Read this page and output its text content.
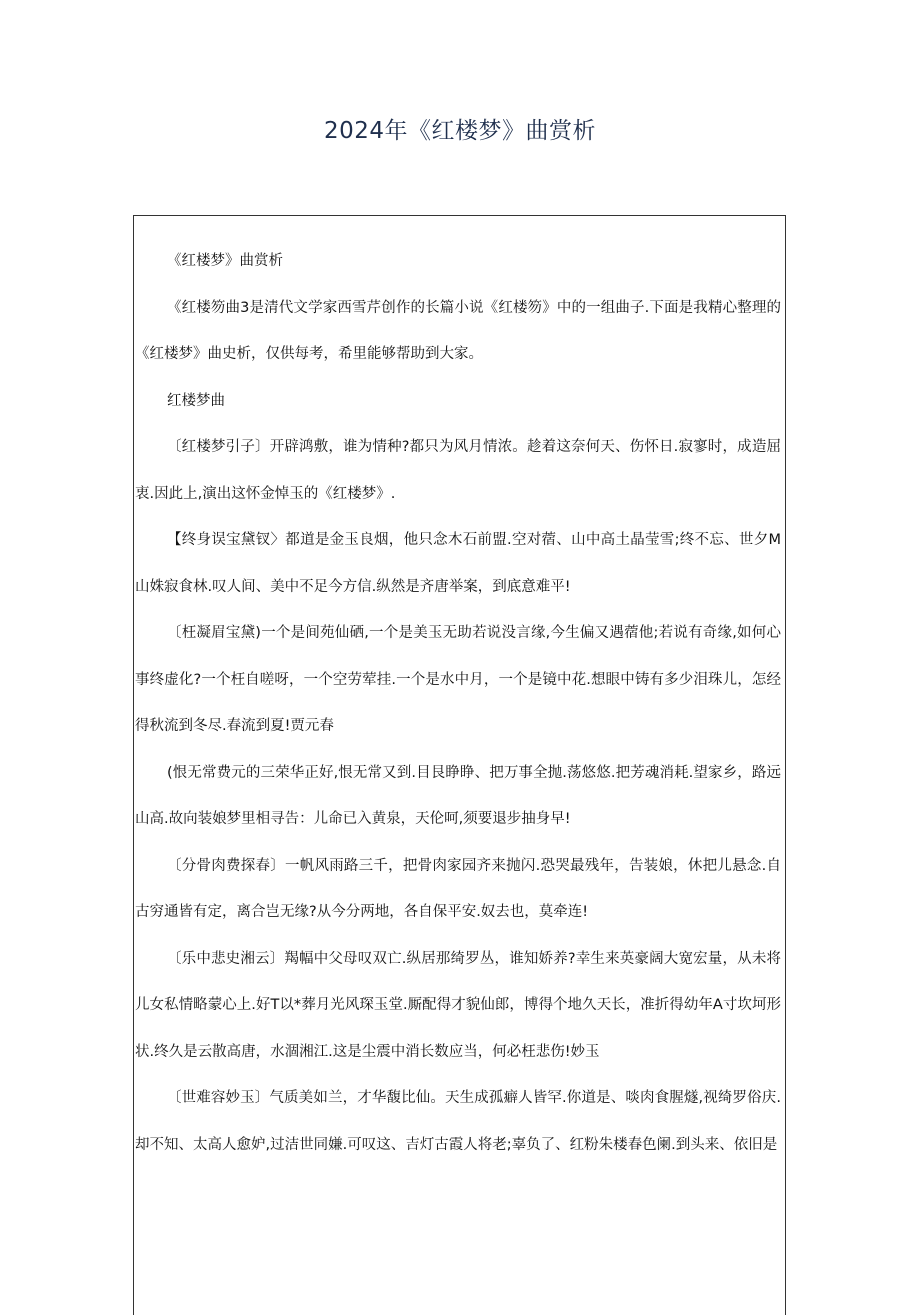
2024年《红楼梦》曲赏析

《红楼梦》曲赏析

《红楼笏曲3是清代文学家西雪芹创作的长篇小说《红楼笏》中的一组曲子.下面是我精心整理的《红楼梦》曲史析，仅供每考，希里能够帮助到大家。

红楼梦曲

〔红楼梦引子〕开辟鸿敷，谁为情种?都只为风月情浓。趁着这奈何天、伤怀日.寂寥时，成造屈衷.因此上,演出这怀金悼玉的《红楼梦》.

【终身误宝黛钗〉都道是金玉良烟，他只念木石前盟.空对蓿、山中高土晶莹雪;终不忘、世夕M山姝寂食林.叹人间、美中不足今方信.纵然是齐唐举案，到底意难平!

〔枉凝眉宝黛)一个是间苑仙硒,一个是美玉无助若说没言缘,今生偏又遇蓿他;若说有奇缘,如何心事终虚化?一个枉自嗟呀，一个空劳荤挂.一个是水中月，一个是镜中花.想眼中铸有多少泪珠儿，怎经得秋流到冬尽.春流到夏!贾元春

(恨无常费元的三荣华正好,恨无常又到.目艮睁睁、把万事全抛.荡悠悠.把芳魂消耗.望家乡，路远山高.故向装娘梦里相寻告：儿命已入黄泉，天伦呵,须要退步抽身早!

〔分骨肉费探春〕一帆风雨路三千，把骨肉家园齐来抛闪.恐哭最残年，告装娘，休把儿悬念.自古穷通皆有定，离合岂无缘?从今分两地，各自保平安.奴去也，莫牵连!

〔乐中悲史湘云〕羯幅中父母叹双亡.纵居那绮罗丛，谁知娇养?幸生来英豪阔大宽宏量，从未将儿女私情略蒙心上.好T以*葬月光风琛玉堂.厮配得才貌仙郎，博得个地久天长，准折得幼年A寸坎坷形状.终久是云散高唐，水涸湘江.这是尘震中消长数应当，何必枉悲伤!妙玉

〔世难容妙玉〕气质美如兰，才华馥比仙。天生成孤癖人皆罕.你道是、啖肉食腥燧,视绮罗俗庆.却不知、太高人愈妒,过洁世同嫌.可叹这、吉灯古霞人将老;辜负了、红粉朱楼春色阑.到头来、依旧是
